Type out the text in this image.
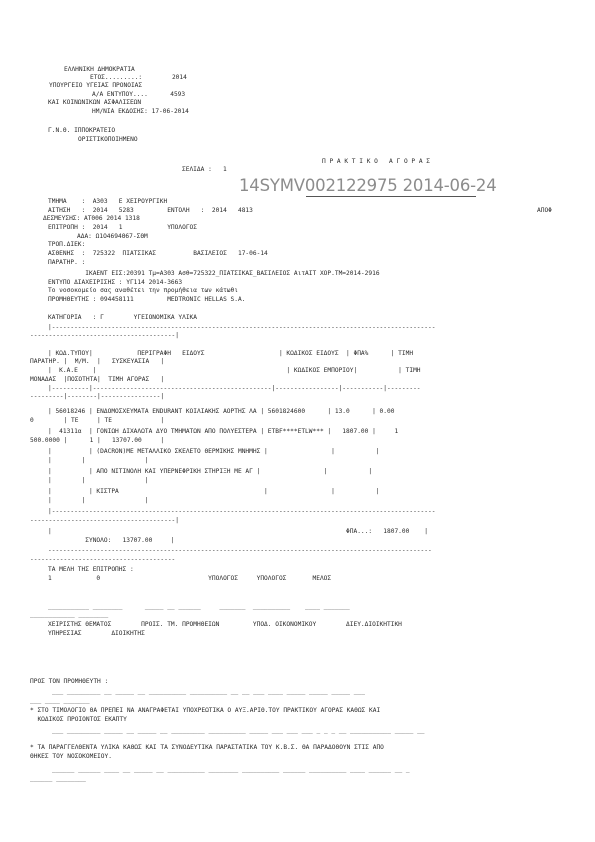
ΕΛΛΗΝΙΚΗ ΔΗΜΟΚΡΑΤΙΑ
ΕΤΟΣ.........:        2014
ΥΠΟΥΡΓΕΙΟ ΥΓΕΙΑΣ ΠΡΟΝΟΙΑΣ
Α/Α ΕΝΤΥΠΟΥ....      4593
ΚΑΙ ΚΟΙΝΩΝΙΚΩΝ ΑΣΦΑΛΙΣΕΩΝ
ΗΜ/ΝΙΑ ΕΚΔΟΣΗΣ: 17-06-2014
Γ.Ν.Θ. ΙΠΠΟΚΡΑΤΕΙΟ
ΟΡΙΣΤΙΚΟΠΟΙΗΜΕΝΟ
Π Ρ Α Κ Τ Ι Κ Ο   Α Γ Ο Ρ Α Σ
ΣΕΛΙΔΑ :   1
14SYMV002122975 2014-06-24
ΤΜΗΜΑ    :  Α303   Ε ΧΕΙΡΟΥΡΓΙΚΗ
ΑΙΤΗΣΗ   :  2014   5283         ΕΝΤΟΛΗ   :  2014   4813	ΑΠΟΦ
ΔΕΣΜΕΥΣΗΣ: ΑΤ006 2014 1318
ΕΠΙΤΡΟΠΗ :  2014   1            ΥΠΟΛΟΓΟΣ
ΑΔΑ: Ω1Ο4694Θ67-ΣΘΜ
ΤΡΟΠ.ΔΙΕΚ:
ΑΣΘΕΝΗΣ  :  725322  ΠΙΑΤΣΙΚΑΣ          ΒΑΣΙΛΕΙΟΣ   17-06-14
ΠΑΡΑΤΗΡ. :
ΙΚΑΕΝΤ ΕΙΣ:20391 Τμ=Α303 Ασθ=725322_ΠΙΑΤΣΙΚΑΣ_ΒΑΣΙΛΕΙΟΣ ΑιτΑΙΤ ΧΟΡ.ΤΜ=2014-2916
ΕΝΤΥΠΟ ΔΙΑΧΕΙΡΙΣΗΣ : ΥΓ114 2014-3663
Το νοσοκομείο σας αναθέτει την προμήθεια των κάτωθι
ΠΡΟΜΗΘΕΥΤΗΣ : 094458111         MEDTRONIC HELLAS S.A.
ΚΑΤΗΓΟΡΙΑ   : Γ        ΥΓΕΙΟΝΟΜΙΚΑ ΥΛΙΚΑ
|-------------------------------------------------------------------------------------------------------
---------------------------------------|
| ΚΩΔ.ΤΥΠΟΥ|            ΠΕΡΙΓΡΑΦΗ   ΕΙΔΟΥΣ                    | ΚΩΔΙΚΟΣ ΕΙΔΟΥΣ  | ΦΠΑ%      | ΤΙΜΗ
ΠΑΡΑΤΗΡ. |  Μ/Μ.  |   ΣΥΣΚΕΥΑΣΙΑ   |
|  Κ.Α.Ε    |                                                   | ΚΩΔΙΚΟΣ ΕΜΠΟΡΙΟΥ|           | ΤΙΜΗ
ΜΟΝΑΔΑΣ  |ΠΟΣΟΤΗΤΑ|  ΤΙΜΗ ΑΓΟΡΑΣ   |
|----------|------------------------------------------------|-----------------|-----------|---------
---------|--------|----------------|
| 56018246 | ΕΝΔΟΜΟΣΧΕΥΜΑΤΑ ENDURANT ΚΟΙΛΙΑΚΗΣ ΑΟΡΤΗΣ ΛΑ | 5601824600      | 13.0      | 0.00
0        | ΤΕ     | ΤΕ             |
|  41311α  | ΓΟΝΙΩΗ ΔΙΧΑΛΩΤΑ ΔΥΟ ΤΜΗΜΑΤΩΝ ΑΠΟ ΠΟΛΥΕΣΤΕΡΑ | ETBF****ETLW*** |   1807.00 |     1
500.0000 |      1 |   13707.00     |
|          | (DACRON)ΜΕ ΜΕΤΑΛΛΙΚΟ ΣΚΕΛΕΤΟ ΘΕΡΜΙΚΗΣ ΜΝΗΜΗΣ |                 |           |
|        |                |
|          | ΑΠΟ ΝΙΤΙΝΟΛΗ ΚΑΙ ΥΠΕΡΝΕΦΡΙΚΗ ΣΤΗΡΙΞΗ ΜΕ ΑΓ |                 |           |
|        |                |
|          | ΚΙΣΤΡΑ                                       |                 |           |
|        |                |
|-------------------------------------------------------------------------------------------------------
---------------------------------------|
|                                                                               ΦΠΑ...:   1807.00    |
ΣΥΝΟΛΟ:   13707.00     |
-------------------------------------------------------------------------------------------------------
---------------------------------------
ΤΑ ΜΕΛΗ ΤΗΣ ΕΠΙΤΡΟΠΗΣ :
1            0                             ΥΠΟΛΟΓΟΣ     ΥΠΟΛΟΓΟΣ       ΜΕΛΟΣ
___________ ________      _____ __ ______     _______  __________    ____ _______
____________ ________
ΧΕΙΡΙΣΤΗΣ ΘΕΜΑΤΟΣ        ΠΡΟΙΣ. ΤΜ. ΠΡΟΜΗΘΕΙΩΝ         ΥΠΟΔ. ΟΙΚΟΝΟΜΙΚΟΥ        ΔΙΕΥ.ΔΙΟΙΚΗΤΙΚΗ
ΥΠΗΡΕΣΙΑΣ        ΔΙΟΙΚΗΤΗΣ
ΠΡΟΣ ΤΟΝ ΠΡΟΜΗΘΕΥΤΗ :
___ _________ __ _____ __ __________ __________ __ __ ___ ____ _____ _____ _____ ___
___ ____ _______
* ΣΤΟ ΤΙΜΟΛΟΓΙΟ ΘΑ ΠΡΕΠΕΙ ΝΑ ΑΝΑΓΡΑΦΕΤΑΙ ΥΠΟΧΡΕΩΤΙΚΑ Ο ΑΥΞ.ΑΡΙΘ.ΤΟΥ ΠΡΑΚΤΙΚΟΥ ΑΓΟΡΑΣ ΚΑΘΩΣ ΚΑΙ
ΚΩΔΙΚΟΣ ΠΡΟΙΟΝΤΟΣ ΕΚΑΠΤΥ
___ _________ _____ __ _____ __ _________ __________ _____ ___ ___ ___ _ _ _ __ ___________ _____ __
* ΤΑ ΠΑΡΑΓΓΕΛΘΕΝΤΑ ΥΛΙΚΑ ΚΑΘΩΣ ΚΑΙ ΤΑ ΣΥΝΟΔΕΥΤΙΚΑ ΠΑΡΑΣΤΑΤΙΚΑ ΤΟΥ Κ.Β.Σ. ΘΑ ΠΑΡΑΔΟΘΟΥΝ ΣΤΙΣ ΑΠΟ
ΘΗΚΕΣ ΤΟΥ ΝΟΣΟΚΟΜΕΙΟΥ.
______ ______ ____ __ _____ __ __________ ________ __________ ______ __________ ____ ______ __ _
______ ________
